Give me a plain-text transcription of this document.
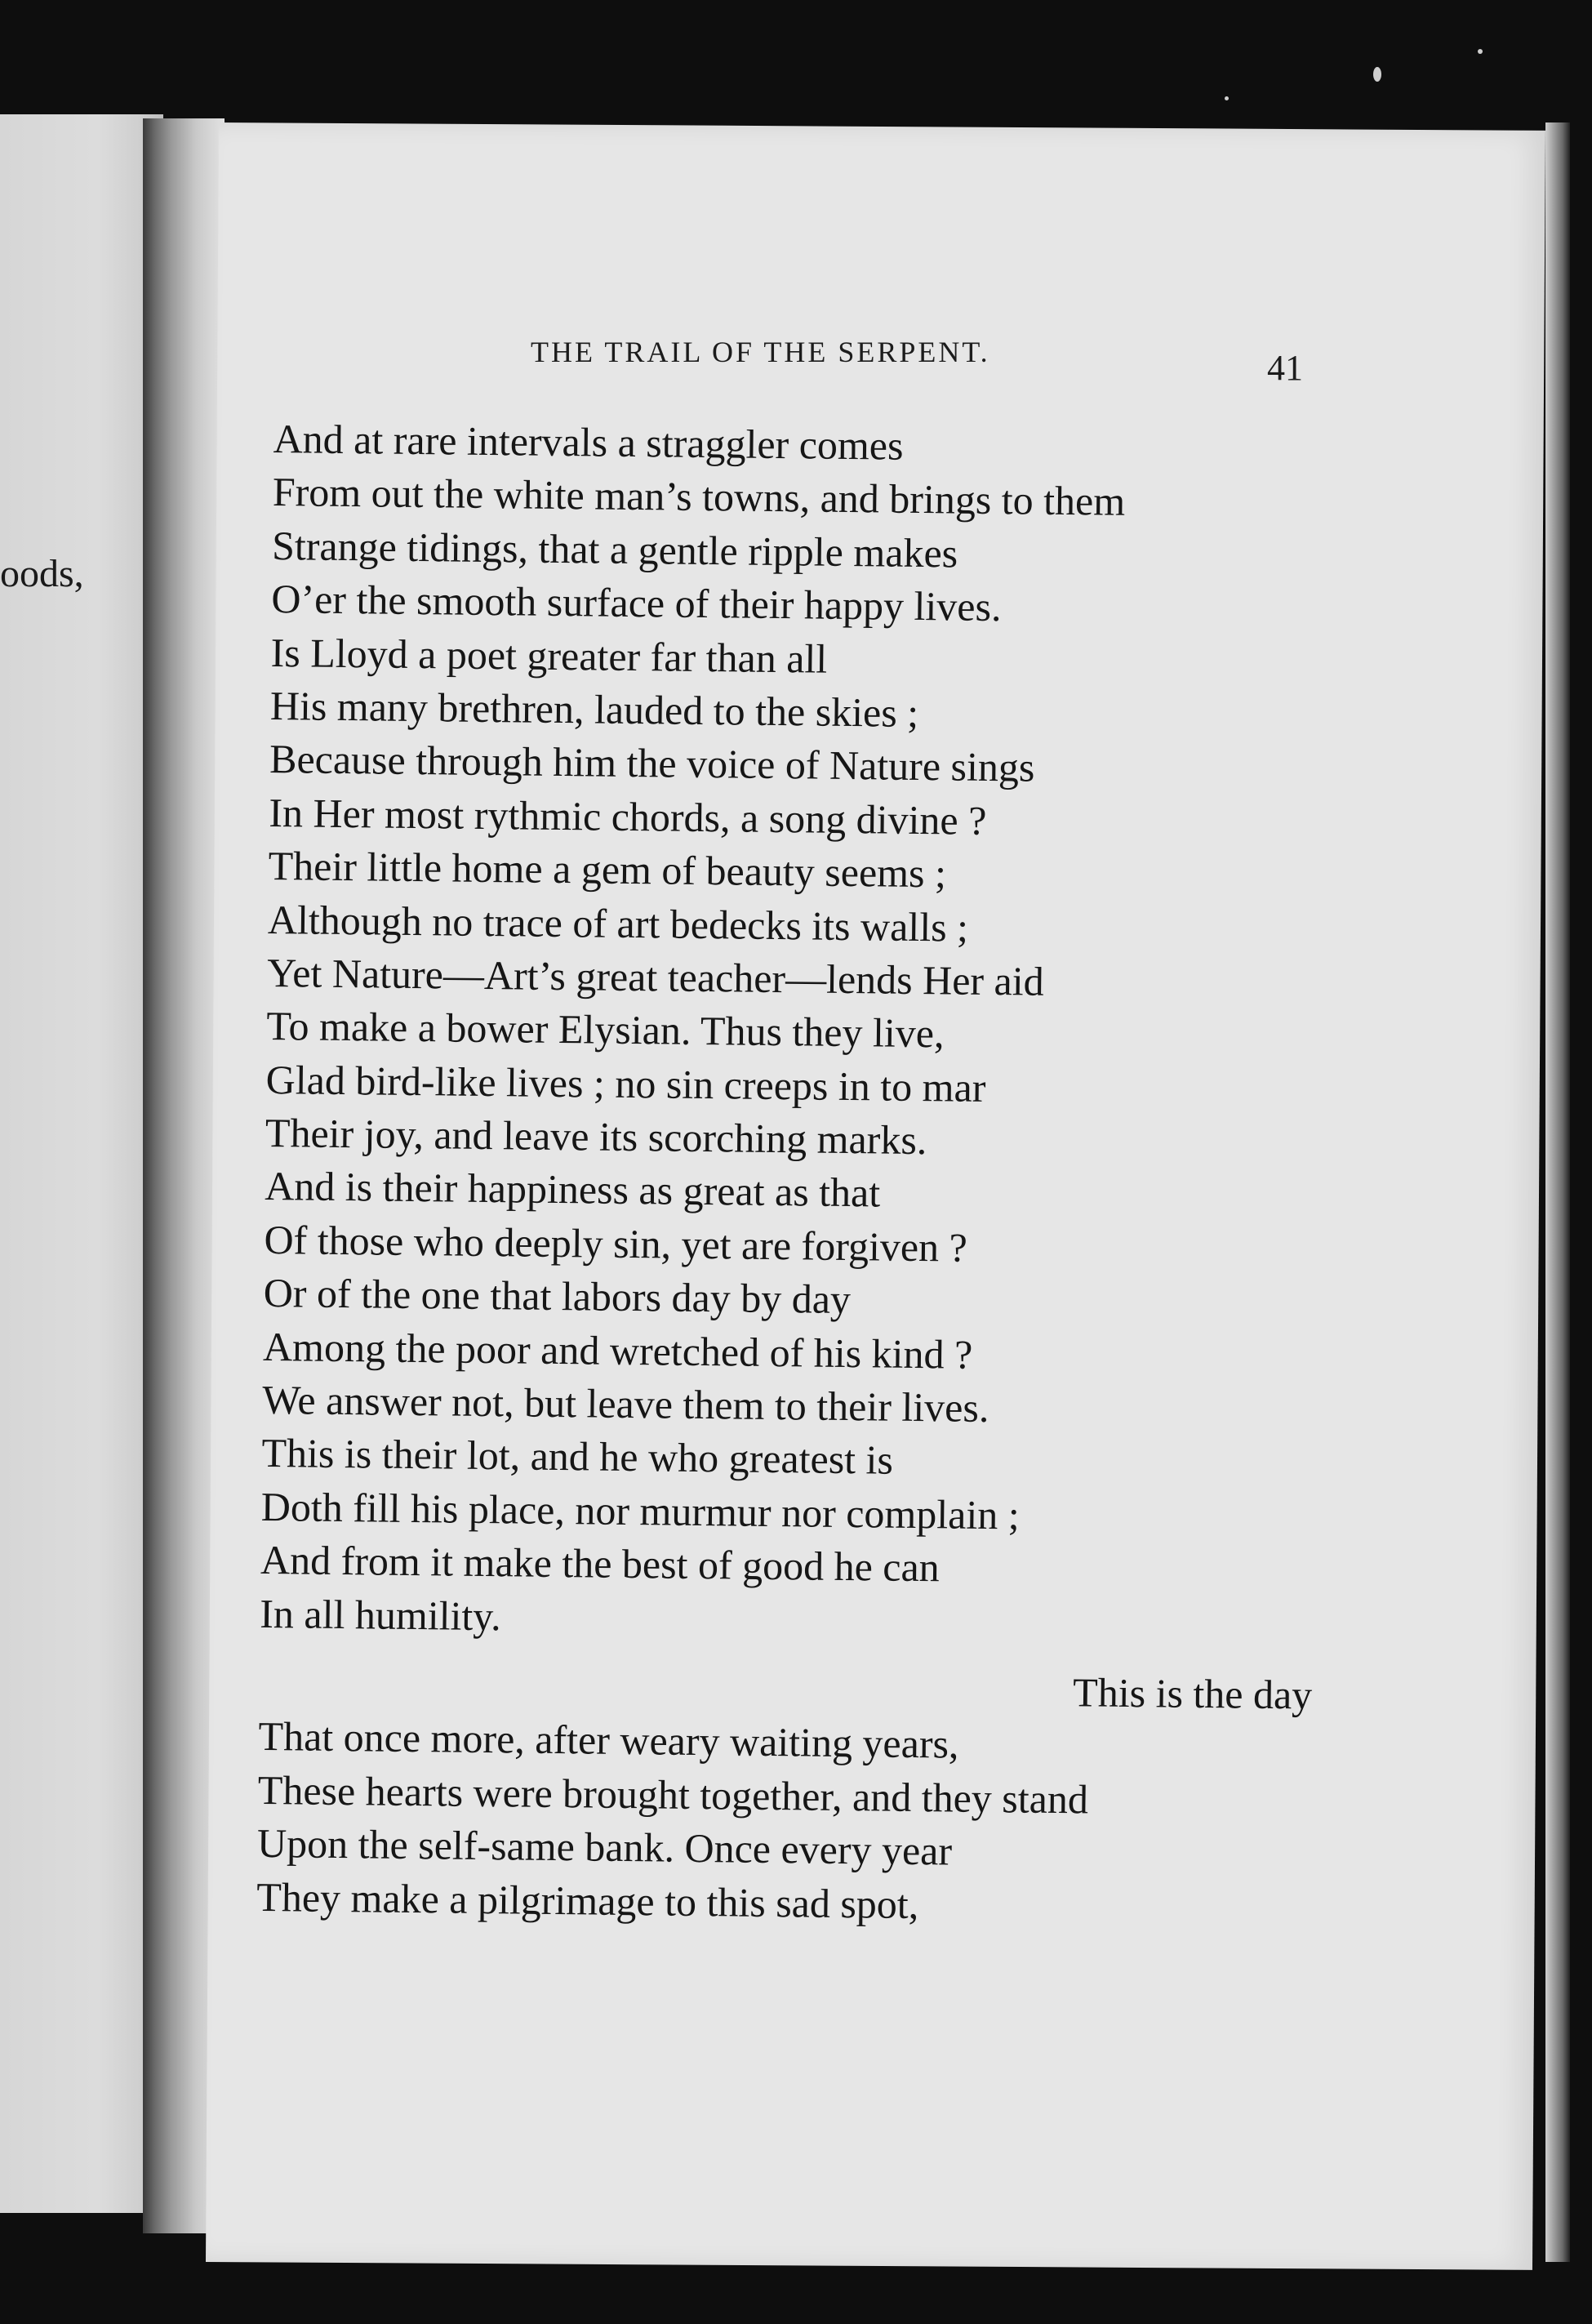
oods,
THE TRAIL OF THE SERPENT.	41
And at rare intervals a straggler comes
From out the white man’s towns, and brings to them
Strange tidings, that a gentle ripple makes
O’er the smooth surface of their happy lives.
Is Lloyd a poet greater far than all
His many brethren, lauded to the skies ;
Because through him the voice of Nature sings
In Her most rythmic chords, a song divine ?
Their little home a gem of beauty seems ;
Although no trace of art bedecks its walls ;
Yet Nature—Art’s great teacher—lends Her aid
To make a bower Elysian. Thus they live,
Glad bird-like lives ; no sin creeps in to mar
Their joy, and leave its scorching marks.
And is their happiness as great as that
Of those who deeply sin, yet are forgiven ?
Or of the one that labors day by day
Among the poor and wretched of his kind ?
We answer not, but leave them to their lives.
This is their lot, and he who greatest is
Doth fill his place, nor murmur nor complain ;
And from it make the best of good he can
In all humility.
This is the day
That once more, after weary waiting years,
These hearts were brought together, and they stand
Upon the self-same bank. Once every year
They make a pilgrimage to this sad spot,
